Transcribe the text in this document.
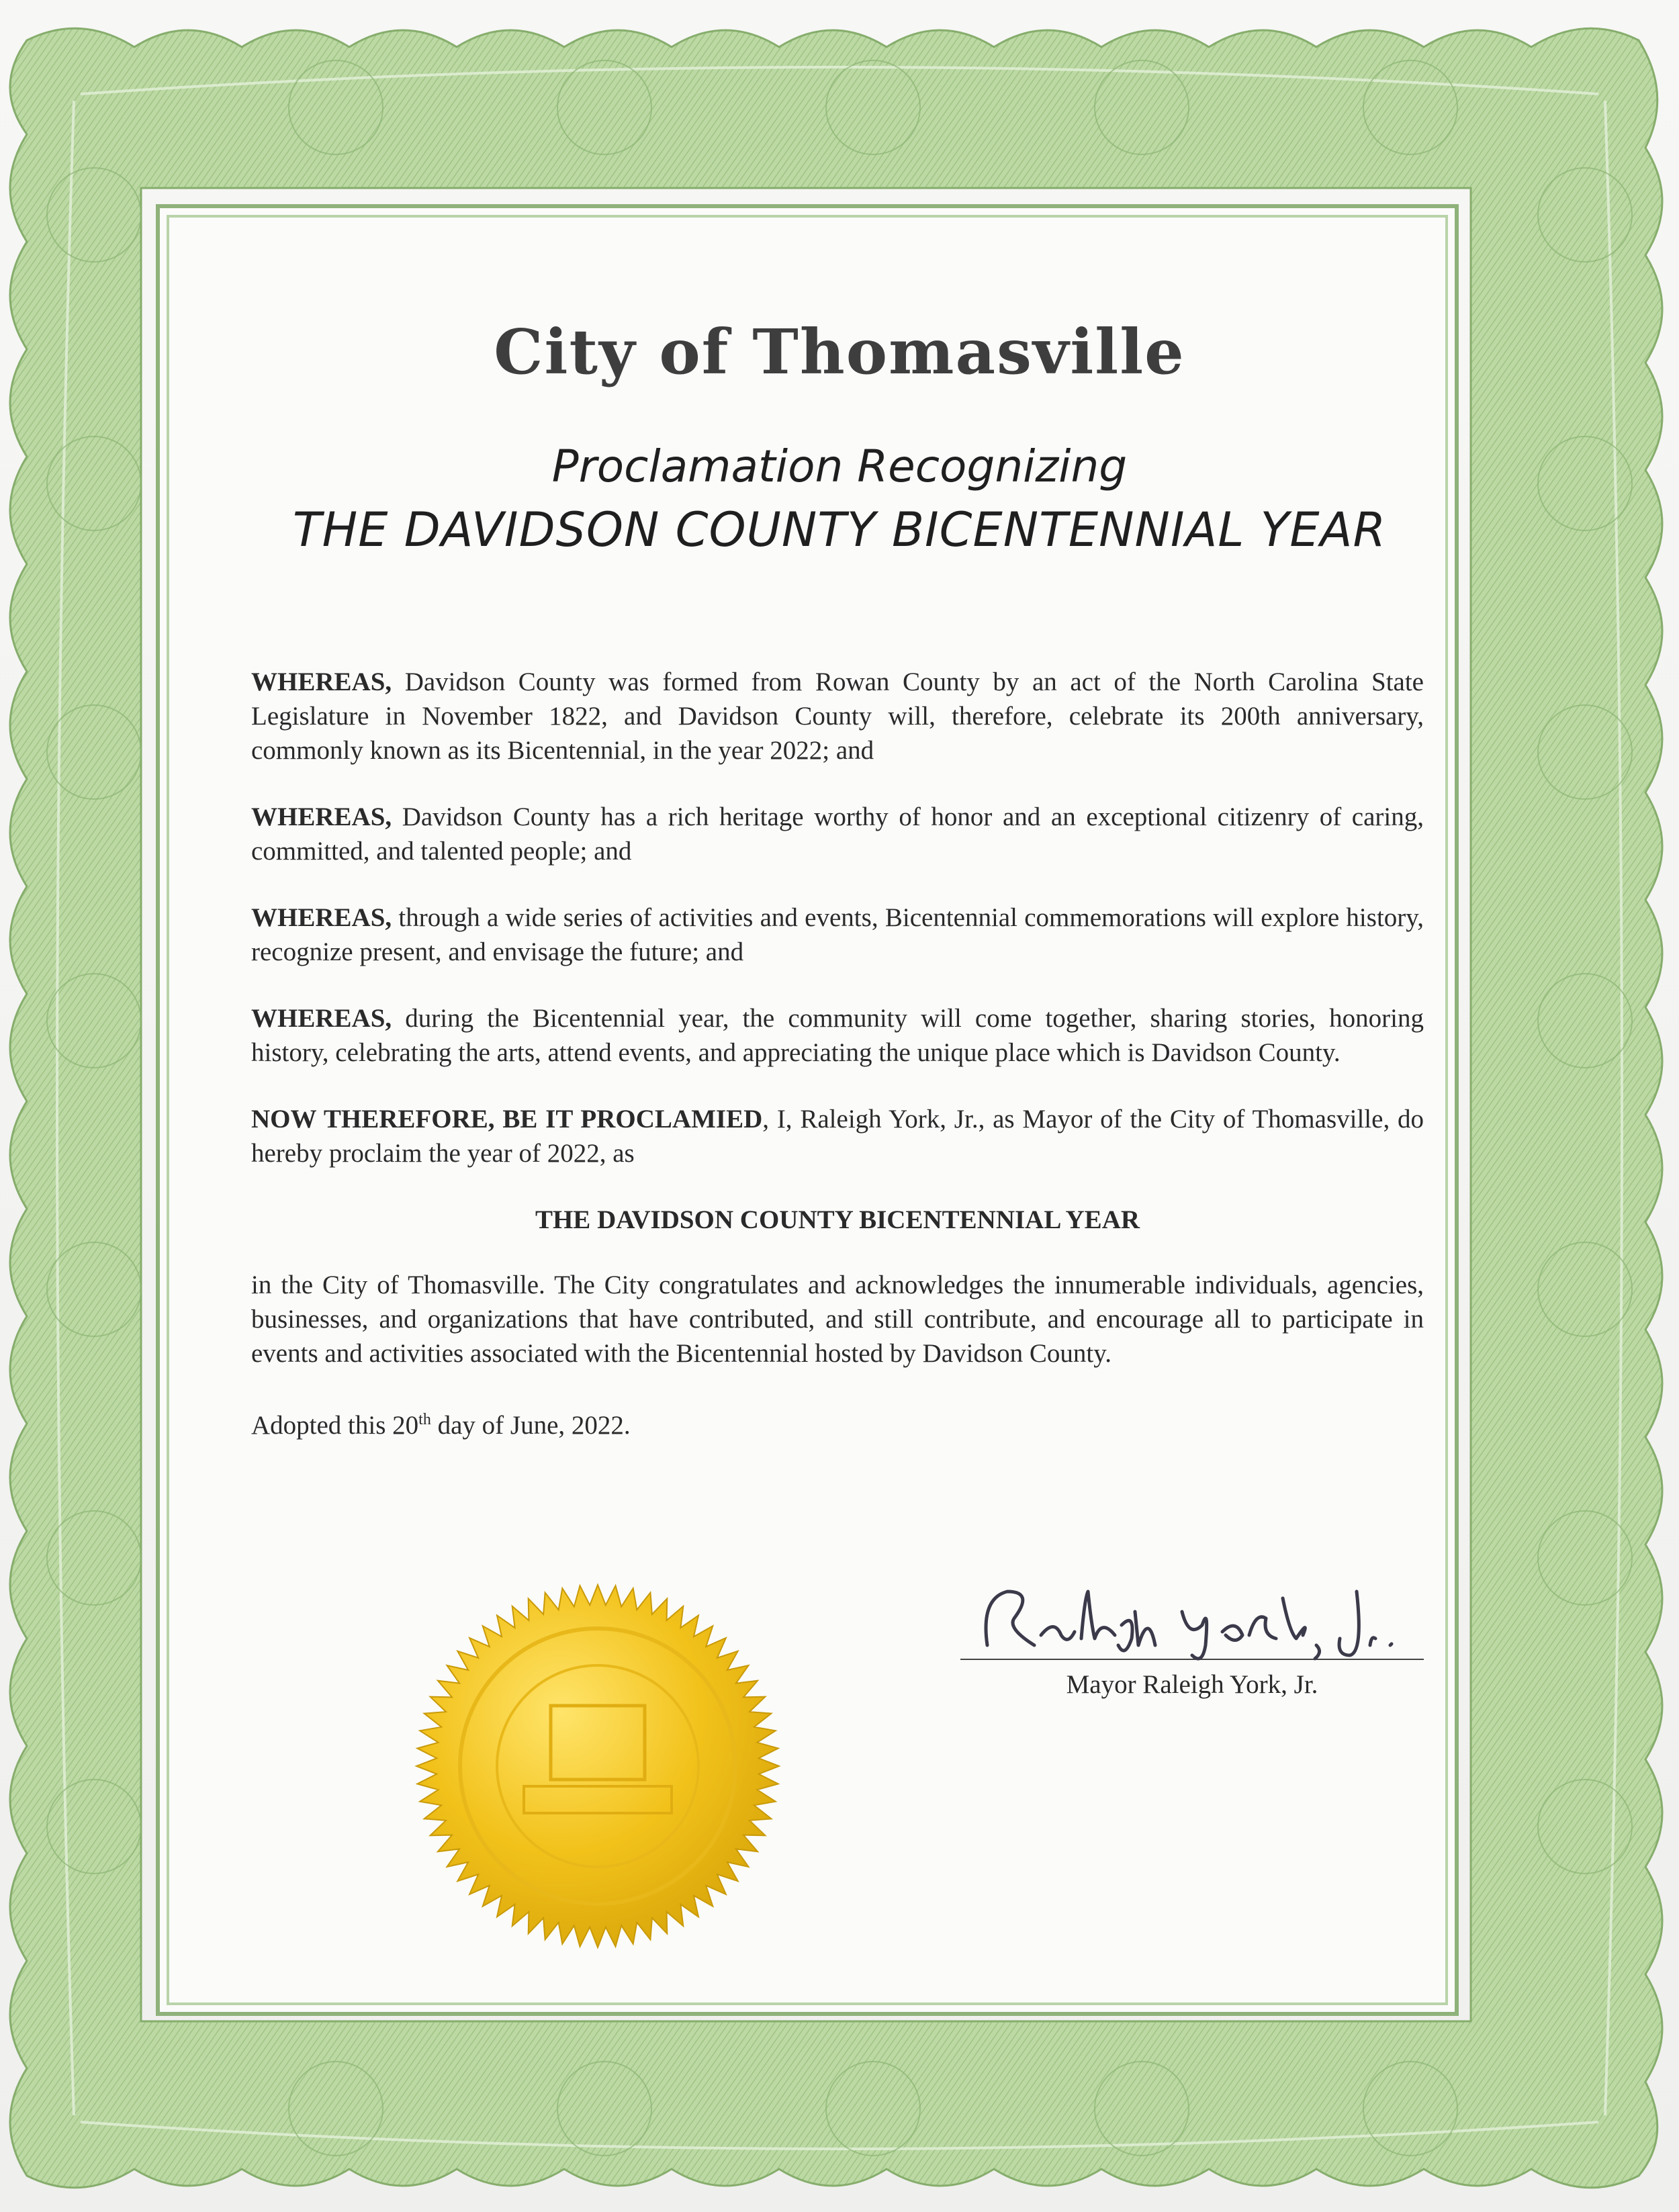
City of Thomasville
Proclamation Recognizing
THE DAVIDSON COUNTY BICENTENNIAL YEAR

WHEREAS, Davidson County was formed from Rowan County by an act of the North Carolina State Legislature in November 1822, and Davidson County will, therefore, celebrate its 200th anniversary, commonly known as its Bicentennial, in the year 2022; and

WHEREAS, Davidson County has a rich heritage worthy of honor and an exceptional citizenry of caring, committed, and talented people; and

WHEREAS, through a wide series of activities and events, Bicentennial commemorations will explore history, recognize present, and envisage the future; and

WHEREAS, during the Bicentennial year, the community will come together, sharing stories, honoring history, celebrating the arts, attend events, and appreciating the unique place which is Davidson County.

NOW THEREFORE, BE IT PROCLAMIED, I, Raleigh York, Jr., as Mayor of the City of Thomasville, do hereby proclaim the year of 2022, as

THE DAVIDSON COUNTY BICENTENNIAL YEAR

in the City of Thomasville. The City congratulates and acknowledges the innumerable individuals, agencies, businesses, and organizations that have contributed, and still contribute, and encourage all to participate in events and activities associated with the Bicentennial hosted by Davidson County.

Adopted this 20th day of June, 2022.

Mayor Raleigh York, Jr.
